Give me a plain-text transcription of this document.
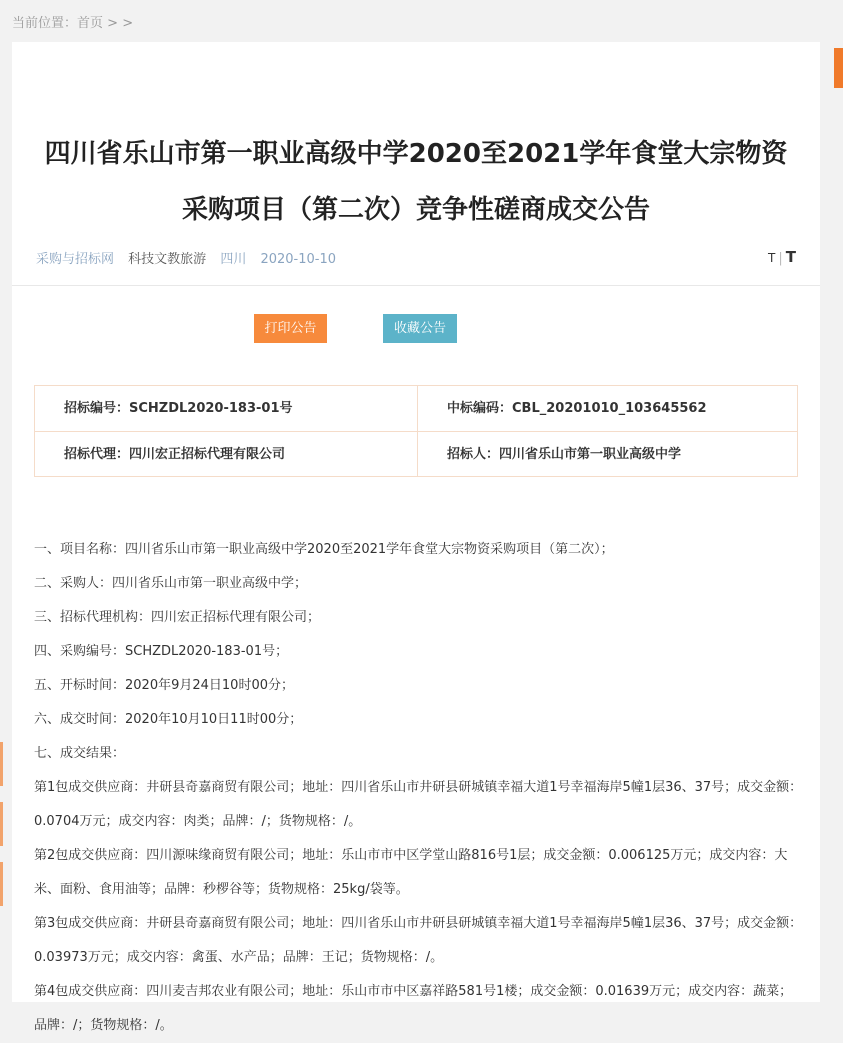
当前位置：首页 > >
四川省乐山市第一职业高级中学2020至2021学年食堂大宗物资采购项目（第二次）竞争性磋商成交公告
采购与招标网 科技文教旅游 四川 2020-10-10	T | T
打印公告	收藏公告
招标编号：SCHZDL2020-183-01号	中标编码：CBL_20201010_103645562
招标代理：四川宏正招标代理有限公司	招标人：四川省乐山市第一职业高级中学

一、项目名称：四川省乐山市第一职业高级中学2020至2021学年食堂大宗物资采购项目（第二次）；

二、采购人：四川省乐山市第一职业高级中学；

三、招标代理机构：四川宏正招标代理有限公司；

四、采购编号：SCHZDL2020-183-01号；

五、开标时间：2020年9月24日10时00分；

六、成交时间：2020年10月10日11时00分；

七、成交结果：

第1包成交供应商：井研县奇嘉商贸有限公司；地址：四川省乐山市井研县研城镇幸福大道1号幸福海岸5幢1层36、37号；成交金额：0.0704万元；成交内容：肉类；品牌：/；货物规格：/。

第2包成交供应商：四川源味缘商贸有限公司；地址：乐山市市中区学堂山路816号1层；成交金额：0.006125万元；成交内容：大米、面粉、食用油等；品牌：秒椤谷等；货物规格：25kg/袋等。

第3包成交供应商：井研县奇嘉商贸有限公司；地址：四川省乐山市井研县研城镇幸福大道1号幸福海岸5幢1层36、37号；成交金额：0.03973万元；成交内容：禽蛋、水产品；品牌：王记；货物规格：/。

第4包成交供应商：四川麦吉邦农业有限公司；地址：乐山市市中区嘉祥路581号1楼；成交金额：0.01639万元；成交内容：蔬菜；品牌：/；货物规格：/。
